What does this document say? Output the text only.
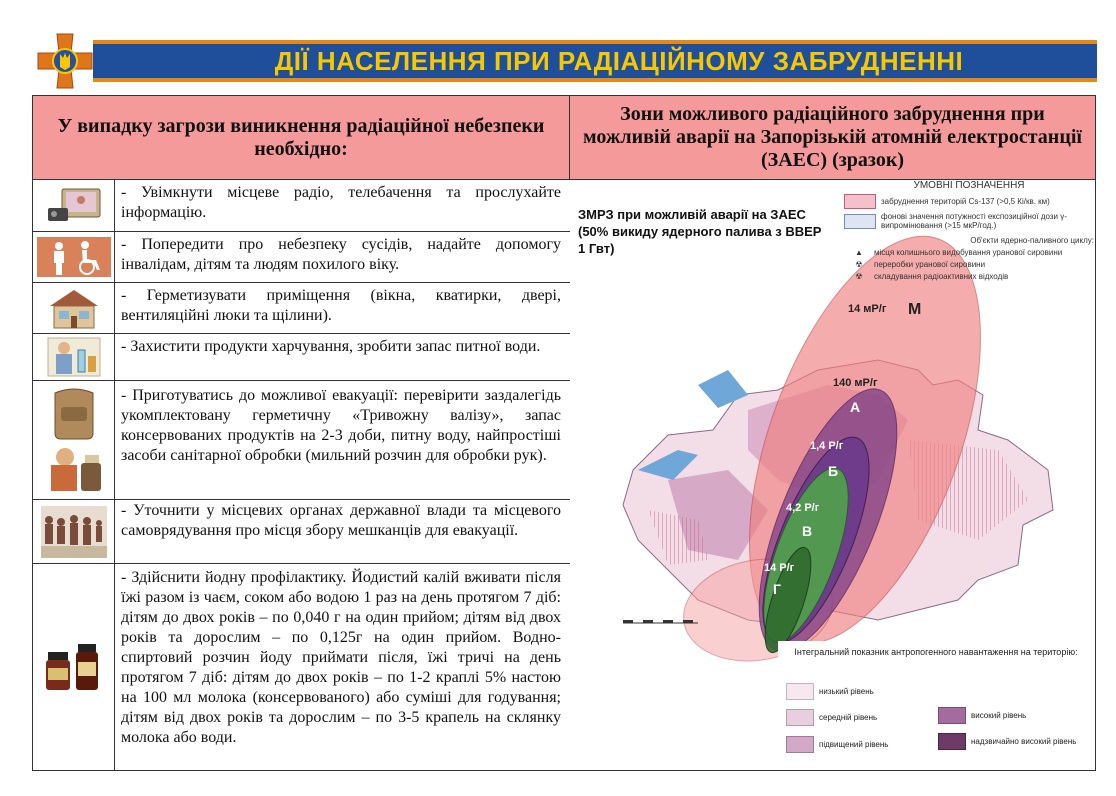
ДІЇ НАСЕЛЕННЯ ПРИ РАДІАЦІЙНОМУ ЗАБРУДНЕННІ
У випадку загрози виникнення радіаційної небезпеки необхідно:
Зони можливого радіаційного забруднення при можливій аварії на Запорізькій атомній електростанції (ЗАЕС) (зразок)
- Увімкнути місцеве радіо, телебачення та прослухайте інформацію.
- Попередити про небезпеку сусідів, надайте допомогу інвалідам, дітям та людям похилого віку.
- Герметизувати приміщення (вікна, кватирки, двері, вентиляційні люки та щілини).
- Захистити продукти харчування, зробити запас питної води.
- Приготуватись до можливої евакуації: перевірити заздалегідь укомплектовану герметичну «Тривожну валізу», запас консервованих продуктів на 2-3 доби, питну воду, найпростіші засоби санітарної обробки (мильний розчин для обробки рук).
- Уточнити у місцевих органах державної влади та місцевого самоврядування про місця збору мешканців для евакуації.
- Здійснити йодну профілактику. Йодистий калій вживати після їжі разом із чаєм, соком або водою 1 раз на день протягом 7 діб: дітям до двох років – по 0,040 г на один прийом; дітям від двох років та дорослим – по 0,125г на один прийом. Водно-спиртовий розчин йоду приймати після, їжі тричі на день протягом 7 діб: дітям до двох років – по 1-2 краплі 5% настою на 100 мл молока (консервованого) або суміші для годування; дітям від двох років та дорослим – по 3-5 крапель на склянку молока або води.
14 мР/г М
140 мР/г
А
1,4 Р/г
Б
4,2 Р/г
В
14 Р/г
Г
ЗМРЗ при можливій аварії на ЗАЕС (50% викиду ядерного палива з ВВЕР 1 Гвт)
УМОВНІ ПОЗНАЧЕННЯ
забруднення територій Cs-137 (>0,5 Кі/кв. км)
фонові значення потужності експозиційної дози γ-випромінювання (>15 мкР/год.)
Об'єкти ядерно-паливного циклу:
▲	місця колишнього видобування уранової сировини
☢	переробки уранової сировини
☢	складування радіоактивних відходів
Інтегральний показник антропогенного навантаження на територію:
низький рівень
середній рівень
підвищений рівень
високий рівень
надзвичайно високий рівень
